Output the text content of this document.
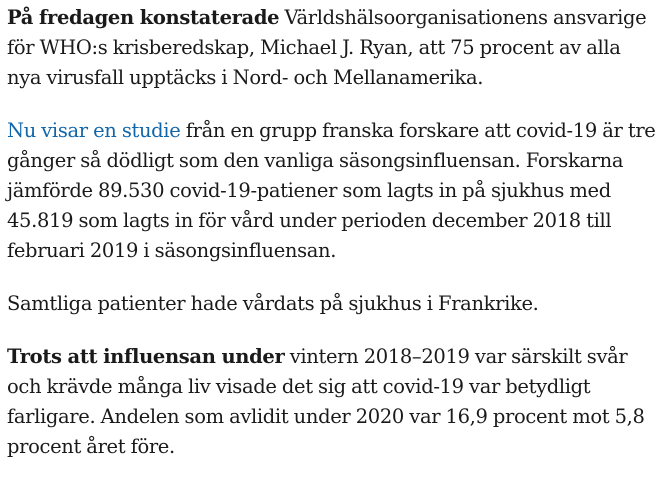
På fredagen konstaterade Världshälsoorganisationens ansvarige för WHO:s krisberedskap, Michael J. Ryan, att 75 procent av alla nya virusfall upptäcks i Nord- och Mellanamerika.

Nu visar en studie från en grupp franska forskare att covid-19 är tre gånger så dödligt som den vanliga säsongsinfluensan. Forskarna jämförde 89.530 covid-19-patiener som lagts in på sjukhus med 45.819 som lagts in för vård under perioden december 2018 till februari 2019 i säsongsinfluensan.

Samtliga patienter hade vårdats på sjukhus i Frankrike.

Trots att influensan under vintern 2018–2019 var särskilt svår och krävde många liv visade det sig att covid-19 var betydligt farligare. Andelen som avlidit under 2020 var 16,9 procent mot 5,8 procent året före.
